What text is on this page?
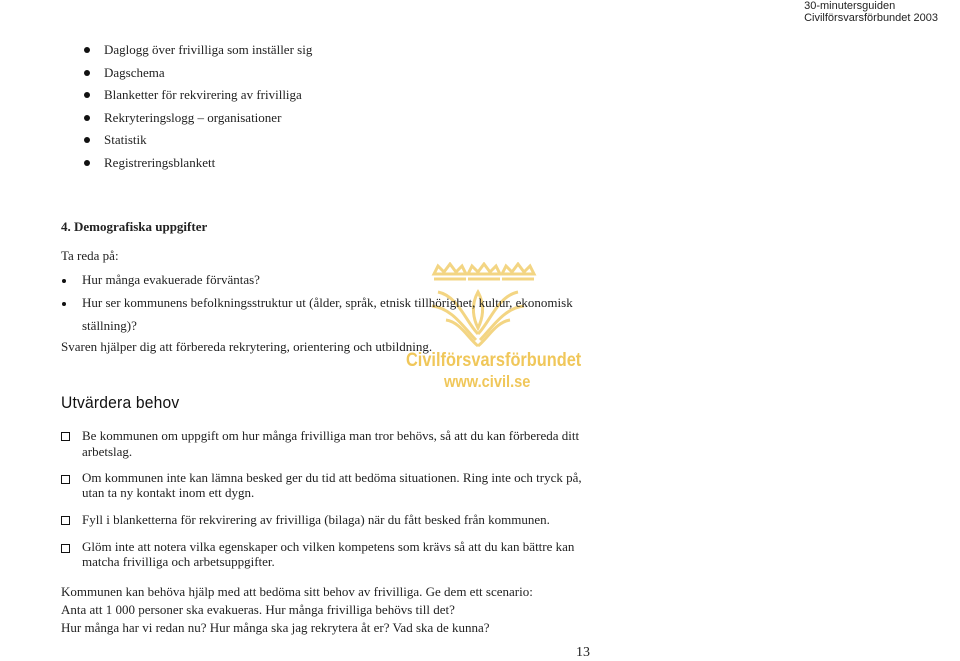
30-minutersguiden
Civilförsvarsförbundet 2003
Civilförsvarsförbundet
www.civil.se
Daglogg över frivilliga som inställer sig
Dagschema
Blanketter för rekvirering av frivilliga
Rekryteringslogg – organisationer
Statistik
Registreringsblankett
4. Demografiska uppgifter
Ta reda på:
Hur många evakuerade förväntas?
Hur ser kommunens befolkningsstruktur ut (ålder, språk, etnisk tillhörighet, kultur, ekonomisk
ställning)?
Svaren hjälper dig att förbereda rekrytering, orientering och utbildning.
Utvärdera behov
Be kommunen om uppgift om hur många frivilliga man tror behövs, så att du kan förbereda ditt
arbetslag.
Om kommunen inte kan lämna besked ger du tid att bedöma situationen. Ring inte och tryck på,
utan ta ny kontakt inom ett dygn.
Fyll i blanketterna för rekvirering av frivilliga (bilaga) när du fått besked från kommunen.
Glöm inte att notera vilka egenskaper och vilken kompetens som krävs så att du kan bättre kan
matcha frivilliga och arbetsuppgifter.
Kommunen kan behöva hjälp med att bedöma sitt behov av frivilliga. Ge dem ett scenario:
Anta att 1 000 personer ska evakueras. Hur många frivilliga behövs till det?
Hur många har vi redan nu? Hur många ska jag rekrytera åt er? Vad ska de kunna?
13
